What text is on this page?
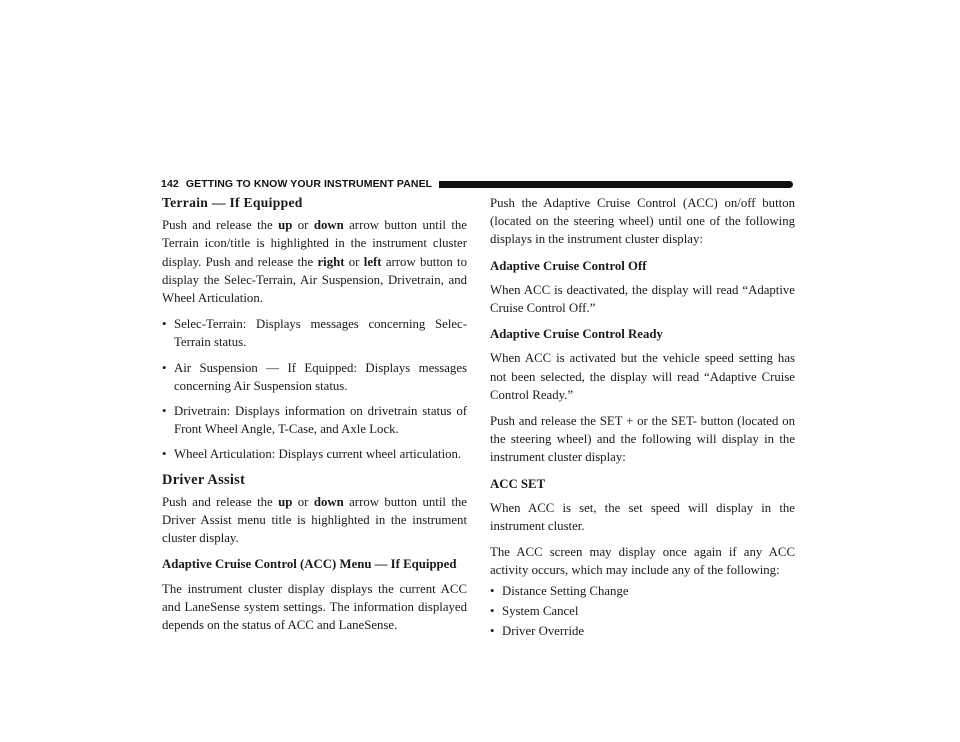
142 GETTING TO KNOW YOUR INSTRUMENT PANEL
Terrain — If Equipped

Push and release the up or down arrow button until the Terrain icon/title is highlighted in the instrument cluster display. Push and release the right or left arrow button to display the Selec-Terrain, Air Suspension, Drivetrain, and Wheel Articulation.

• Selec-Terrain: Displays messages concerning Selec-Terrain status.
• Air Suspension — If Equipped: Displays messages concerning Air Suspension status.
• Drivetrain: Displays information on drivetrain status of Front Wheel Angle, T-Case, and Axle Lock.
• Wheel Articulation: Displays current wheel articulation.
Driver Assist

Push and release the up or down arrow button until the Driver Assist menu title is highlighted in the instrument cluster display.

Adaptive Cruise Control (ACC) Menu — If Equipped

The instrument cluster display displays the current ACC and LaneSense system settings. The information displayed depends on the status of ACC and LaneSense.

Push the Adaptive Cruise Control (ACC) on/off button (located on the steering wheel) until one of the following displays in the instrument cluster display:

Adaptive Cruise Control Off

When ACC is deactivated, the display will read “Adaptive Cruise Control Off.”

Adaptive Cruise Control Ready

When ACC is activated but the vehicle speed setting has not been selected, the display will read “Adaptive Cruise Control Ready.”

Push and release the SET + or the SET- button (located on the steering wheel) and the following will display in the instrument cluster display:

ACC SET

When ACC is set, the set speed will display in the instrument cluster.

The ACC screen may display once again if any ACC activity occurs, which may include any of the following:

• Distance Setting Change
• System Cancel
• Driver Override
